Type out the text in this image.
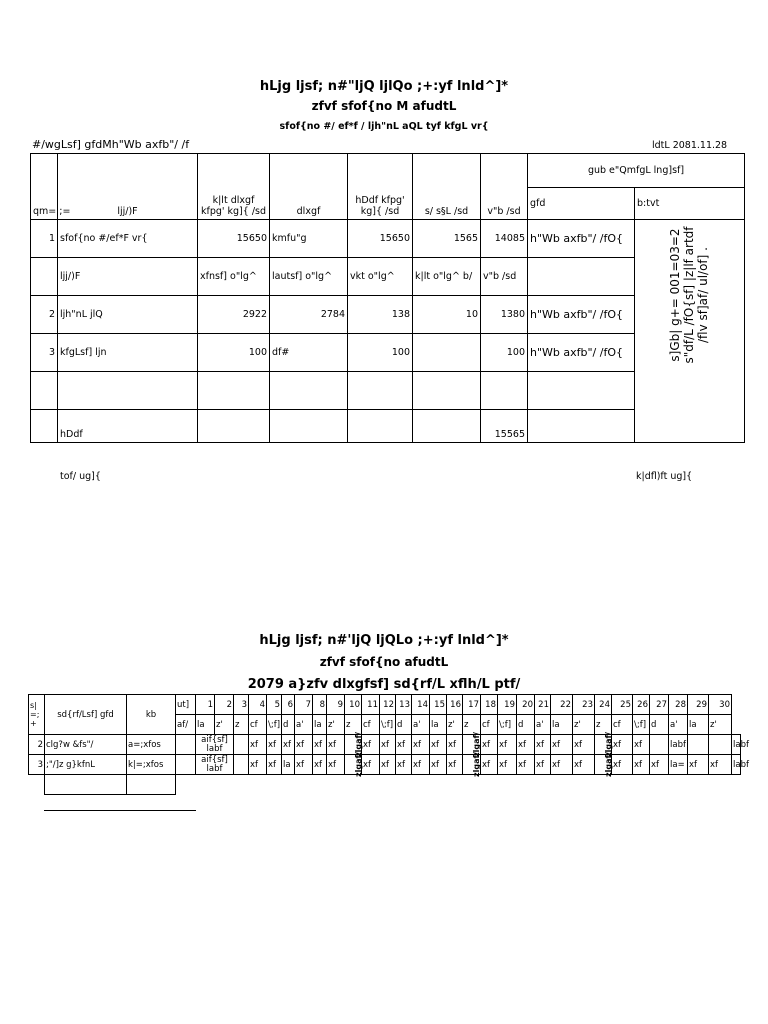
hLjg ljsf; n#"ljQ ljlQo ;+:yf lnld^]*
zfvf sfof{no M afudtL
sfof{no #/ ef*f / ljh"nL aQL tyf kfgL vr{
#/wgLsf] gfdMh"Wb axfb"/ /f	ldtL 2081.11.28
qm= ;=	ljj/)F	k|lt dlxgf kfpg' kg]{ /sd	dlxgf	hDdf kfpg' kg]{ /sd	s/ s§L /sd	v"b /sd	gub e"QmfgL lng]sf]	
							gfd	b:tvt
1	sfof{no #/ef*F vr{	15650	kmfu"g	15650	1565	14085	h"Wb axfb"/ /fO{	
	ljj/)F	xfnsf] o"lg^	lautsf] o"lg^	vkt o"lg^	k|lt o"lg^ b/	v"b /sd		
2	ljh"nL jlQ	2922	2784	138	10	1380	h"Wb axfb"/ /fO{	
3	kfgLsf] ljn	100	df#	100		100	h"Wb axfb"/ /fO{	

	hDdf					15565		
s]Gb| g+= 001=03=2 s"df/L /fO{sf] |z|lf artdf /flv sf]af/ ul/of] .
tof/ ug]{	k|dfl)ft ug]{
hLjg ljsf; n#'ljQ ljQLo ;+:yf lnld^]*
zfvf sfof{no afudtL
2079 a}zfv dlxgfsf] sd{rf/L xflh/L ptf/
s| =; +	sd{rf/Lsf] gfd	kb	ut]	1	2	3	4	5	6	7	8	9	10	11	12	13	14	15	16	17	18	19	20	21	22	23	24	25	26	27	28	29	30	
			af/	la	z'	z	cf	\;f]	d	a'	la	z'	z	cf	\;f]	d	a'	la	z'	z	cf	\;f]	d	a'	la	z'	z	cf	\;f]	d	a'	la	z'	
2	clg?w &fs"/	a=;xfos		aif{sf] labf			xf	xf	xf	xf	xf	xf	zlgaf/	xf	xf	xf	xf	xf	xf	zlgaf/	xf	xf	xf	xf	xf	xf	zlgaf/	xf	xf		labf			labf
3	;"/]z g}kfnL	k|=;xfos		aif{sf] labf			xf	xf	la	xf	xf	xf	zlgaf/	xf	xf	xf	xf	xf	xf	zlgaf/	xf	xf	xf	xf	xf	xf	zlgaf/	xf	xf	xf	la=	xf	xf	labf
